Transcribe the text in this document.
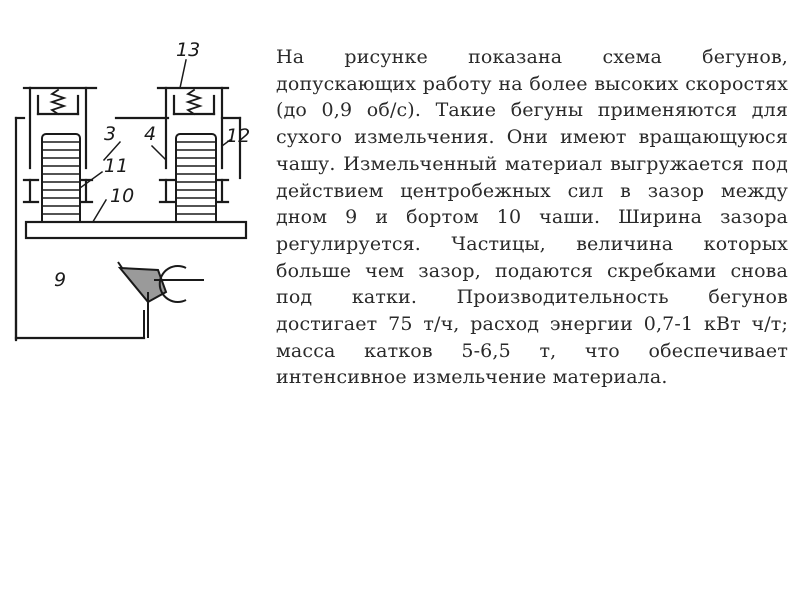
13
3 4	12
11
10
9

На рисунке показана схема бегунов, допускающих работу на более высоких скоростях (до 0,9 об/с). Такие бегуны применяются для сухого измельчения. Они имеют вращающуюся чашу. Измельченный материал выгружается под действием центробежных сил в зазор между дном 9 и бортом 10 чаши. Ширина зазора регулируется. Частицы, величина которых больше чем зазор, подаются скребками снова под катки. Производительность бегунов достигает 75 т/ч, расход энергии 0,7-1 кВт ч/т; масса катков 5-6,5 т, что обеспечивает интенсивное измельчение материала.
